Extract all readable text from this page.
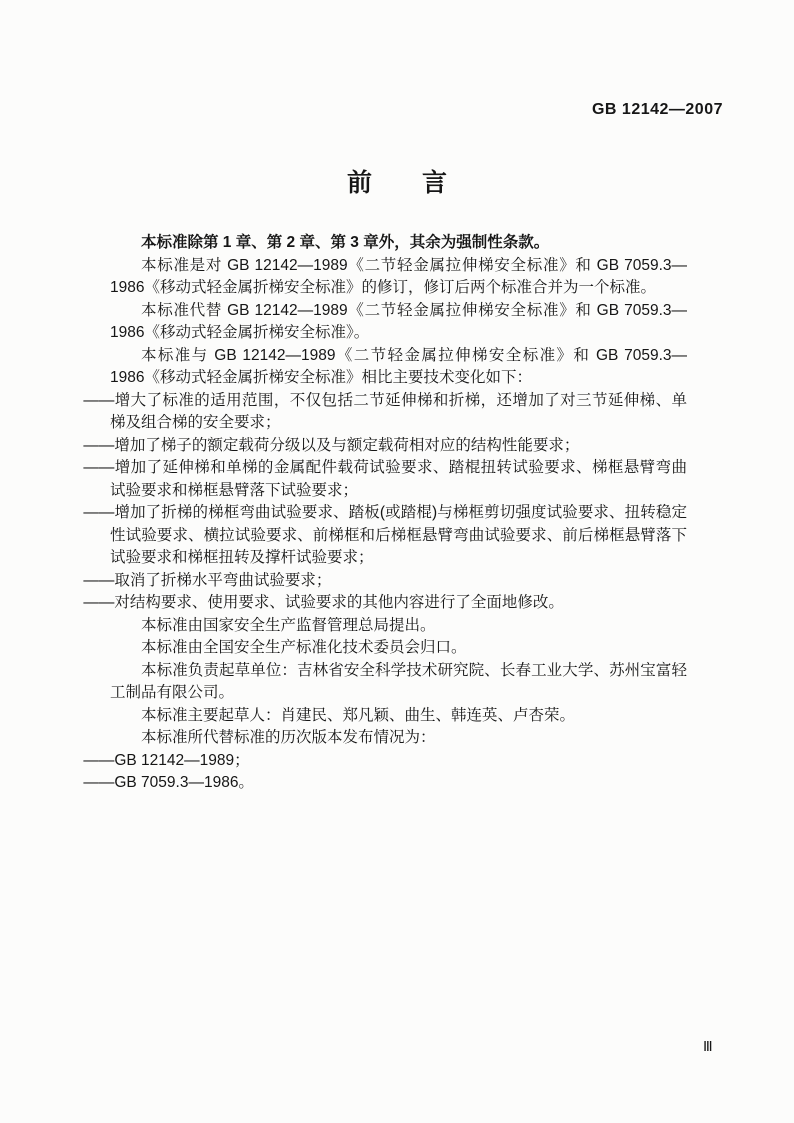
GB 12142—2007
前　　言

本标准除第 1 章、第 2 章、第 3 章外，其余为强制性条款。

本标准是对 GB 12142—1989《二节轻金属拉伸梯安全标准》和 GB 7059.3—1986《移动式轻金属折梯安全标准》的修订，修订后两个标准合并为一个标准。

本标准代替 GB 12142—1989《二节轻金属拉伸梯安全标准》和 GB 7059.3—1986《移动式轻金属折梯安全标准》。

本标准与 GB 12142—1989《二节轻金属拉伸梯安全标准》和 GB 7059.3—1986《移动式轻金属折梯安全标准》相比主要技术变化如下：

——增大了标准的适用范围，不仅包括二节延伸梯和折梯，还增加了对三节延伸梯、单梯及组合梯的安全要求；

——增加了梯子的额定载荷分级以及与额定载荷相对应的结构性能要求；

——增加了延伸梯和单梯的金属配件载荷试验要求、踏棍扭转试验要求、梯框悬臂弯曲试验要求和梯框悬臂落下试验要求；

——增加了折梯的梯框弯曲试验要求、踏板(或踏棍)与梯框剪切强度试验要求、扭转稳定性试验要求、横拉试验要求、前梯框和后梯框悬臂弯曲试验要求、前后梯框悬臂落下试验要求和梯框扭转及撑杆试验要求；

——取消了折梯水平弯曲试验要求；

——对结构要求、使用要求、试验要求的其他内容进行了全面地修改。

本标准由国家安全生产监督管理总局提出。

本标准由全国安全生产标准化技术委员会归口。

本标准负责起草单位：吉林省安全科学技术研究院、长春工业大学、苏州宝富轻工制品有限公司。

本标准主要起草人：肖建民、郑凡颖、曲生、韩连英、卢杏荣。

本标准所代替标准的历次版本发布情况为：

——GB 12142—1989；

——GB 7059.3—1986。

Ⅲ
